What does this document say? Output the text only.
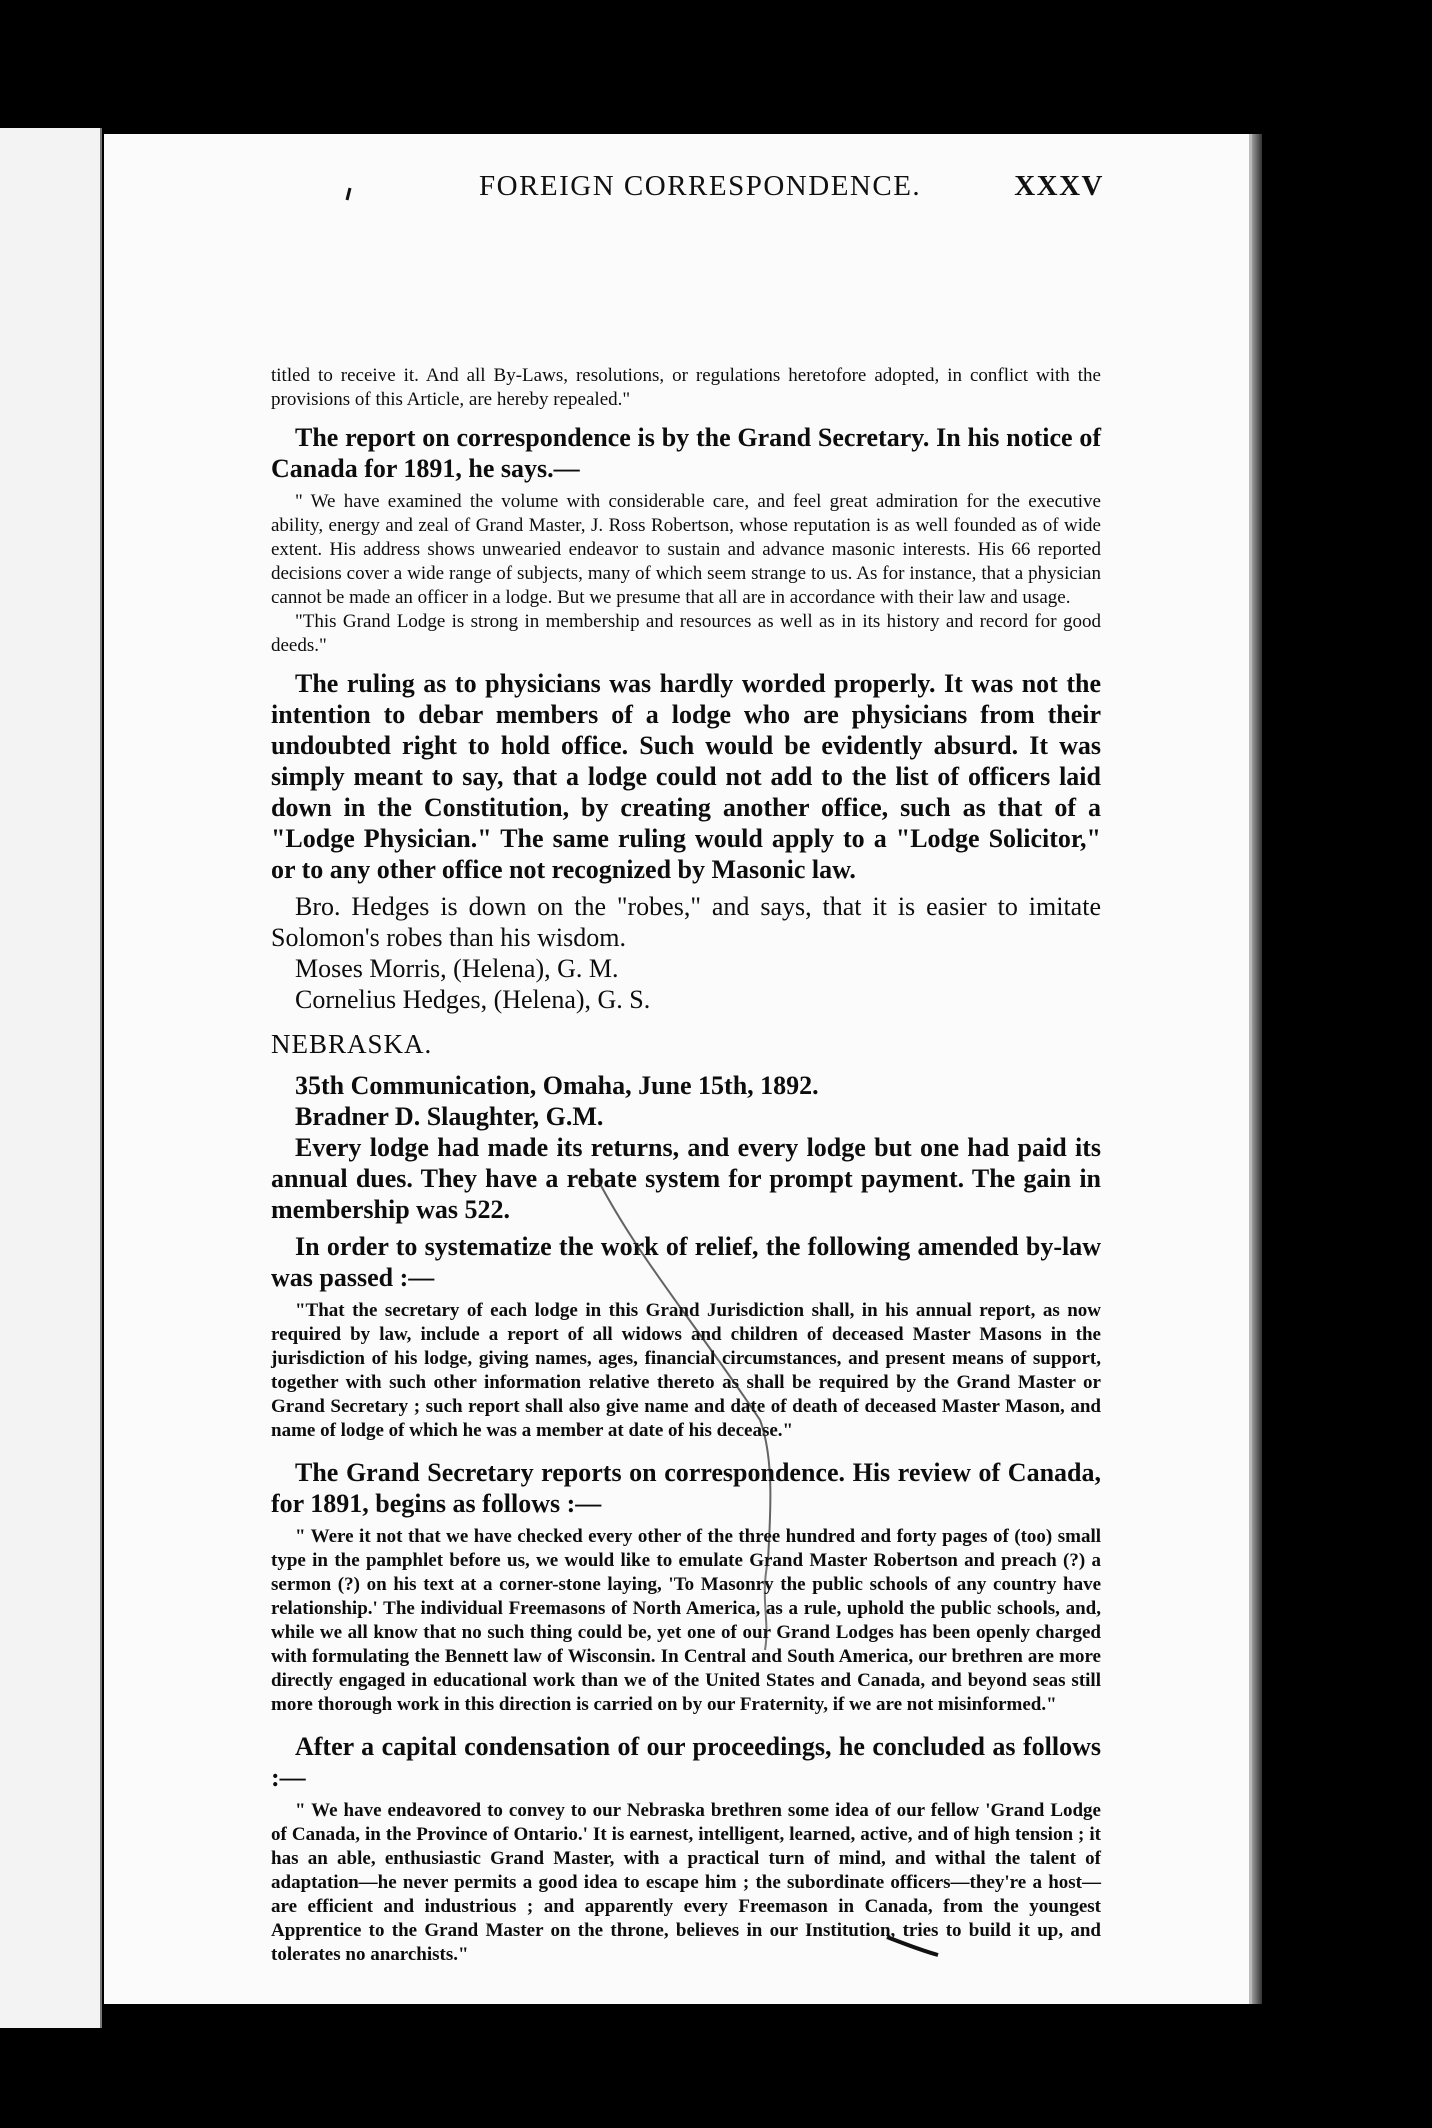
FOREIGN CORRESPONDENCE.	XXXV

titled to receive it. And all By-Laws, resolutions, or regulations heretofore adopted, in conflict with the provisions of this Article, are hereby repealed."

The report on correspondence is by the Grand Secretary. In his notice of Canada for 1891, he says.—

" We have examined the volume with considerable care, and feel great admiration for the executive ability, energy and zeal of Grand Master, J. Ross Robertson, whose reputation is as well founded as of wide extent. His address shows unwearied endeavor to sustain and advance masonic interests. His 66 reported decisions cover a wide range of subjects, many of which seem strange to us. As for instance, that a physician cannot be made an officer in a lodge. But we presume that all are in accordance with their law and usage.

"This Grand Lodge is strong in membership and resources as well as in its history and record for good deeds."

The ruling as to physicians was hardly worded properly. It was not the intention to debar members of a lodge who are physicians from their undoubted right to hold office. Such would be evidently absurd. It was simply meant to say, that a lodge could not add to the list of officers laid down in the Constitution, by creating another office, such as that of a "Lodge Physician." The same ruling would apply to a "Lodge Solicitor," or to any other office not recognized by Masonic law.

Bro. Hedges is down on the "robes," and says, that it is easier to imitate Solomon's robes than his wisdom.

Moses Morris, (Helena), G. M.

Cornelius Hedges, (Helena), G. S.

NEBRASKA.

35th Communication, Omaha, June 15th, 1892.

Bradner D. Slaughter, G.M.

Every lodge had made its returns, and every lodge but one had paid its annual dues. They have a rebate system for prompt payment. The gain in membership was 522.

In order to systematize the work of relief, the following amended by-law was passed :—

"That the secretary of each lodge in this Grand Jurisdiction shall, in his annual report, as now required by law, include a report of all widows and children of deceased Master Masons in the jurisdiction of his lodge, giving names, ages, financial circumstances, and present means of support, together with such other information relative thereto as shall be required by the Grand Master or Grand Secretary ; such report shall also give name and date of death of deceased Master Mason, and name of lodge of which he was a member at date of his decease."

The Grand Secretary reports on correspondence. His review of Canada, for 1891, begins as follows :—

" Were it not that we have checked every other of the three hundred and forty pages of (too) small type in the pamphlet before us, we would like to emulate Grand Master Robertson and preach (?) a sermon (?) on his text at a corner-stone laying, 'To Masonry the public schools of any country have relationship.' The individual Freemasons of North America, as a rule, uphold the public schools, and, while we all know that no such thing could be, yet one of our Grand Lodges has been openly charged with formulating the Bennett law of Wisconsin. In Central and South America, our brethren are more directly engaged in educational work than we of the United States and Canada, and beyond seas still more thorough work in this direction is carried on by our Fraternity, if we are not misinformed."

After a capital condensation of our proceedings, he concluded as follows :—

" We have endeavored to convey to our Nebraska brethren some idea of our fellow 'Grand Lodge of Canada, in the Province of Ontario.' It is earnest, intelligent, learned, active, and of high tension ; it has an able, enthusiastic Grand Master, with a practical turn of mind, and withal the talent of adaptation—he never permits a good idea to escape him ; the subordinate officers—they're a host—are efficient and industrious ; and apparently every Freemason in Canada, from the youngest Apprentice to the Grand Master on the throne, believes in our Institution, tries to build it up, and tolerates no anarchists."
